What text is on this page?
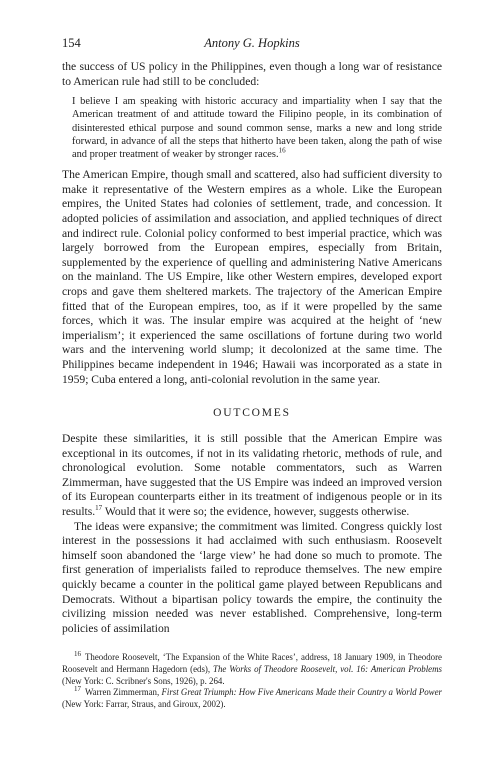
Antony G. Hopkins
154

the success of US policy in the Philippines, even though a long war of resistance to American rule had still to be concluded:

I believe I am speaking with historic accuracy and impartiality when I say that the American treatment of and attitude toward the Filipino people, in its combination of disinterested ethical purpose and sound common sense, marks a new and long stride forward, in advance of all the steps that hitherto have been taken, along the path of wise and proper treatment of weaker by stronger races.$^{16}$

The American Empire, though small and scattered, also had sufficient diversity to make it representative of the Western empires as a whole. Like the European empires, the United States had colonies of settlement, trade, and concession. It adopted policies of assimilation and association, and applied techniques of direct and indirect rule. Colonial policy conformed to best imperial practice, which was largely borrowed from the European empires, especially from Britain, supplemented by the experience of quelling and administering Native Americans on the mainland. The US Empire, like other Western empires, developed export crops and gave them sheltered markets. The trajectory of the American Empire fitted that of the European empires, too, as if it were propelled by the same forces, which it was. The insular empire was acquired at the height of ‘new imperialism’; it experienced the same oscillations of fortune during two world wars and the intervening world slump; it decolonized at the same time. The Philippines became independent in 1946; Hawaii was incorporated as a state in 1959; Cuba entered a long, anti-colonial revolution in the same year.

OUTCOMES

Despite these similarities, it is still possible that the American Empire was exceptional in its outcomes, if not in its validating rhetoric, methods of rule, and chronological evolution. Some notable commentators, such as Warren Zimmerman, have suggested that the US Empire was indeed an improved version of its European counterparts either in its treatment of indigenous people or in its results.$^{17}$ Would that it were so; the evidence, however, suggests otherwise.

The ideas were expansive; the commitment was limited. Congress quickly lost interest in the possessions it had acclaimed with such enthusiasm. Roosevelt himself soon abandoned the ‘large view’ he had done so much to promote. The first generation of imperialists failed to reproduce themselves. The new empire quickly became a counter in the political game played between Republicans and Democrats. Without a bipartisan policy towards the empire, the continuity the civilizing mission needed was never established. Comprehensive, long-term policies of assimilation

$^{16}$ Theodore Roosevelt, ‘The Expansion of the White Races’, address, 18 January 1909, in Theodore Roosevelt and Hermann Hagedorn (eds), The Works of Theodore Roosevelt, vol. 16: American Problems (New York: C. Scribner's Sons, 1926), p. 264.

$^{17}$ Warren Zimmerman, First Great Triumph: How Five Americans Made their Country a World Power (New York: Farrar, Straus, and Giroux, 2002).
